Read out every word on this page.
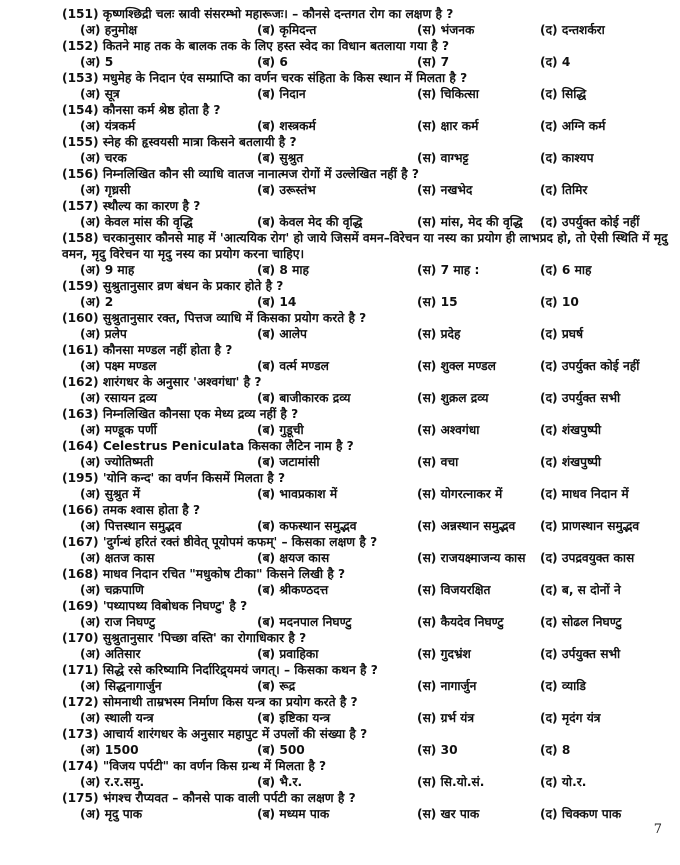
(151) कृष्णश्छिद्री चलः स्रावी संसरम्भो महारूजः। – कौनसे दन्तगत रोग का लक्षण है ?
(अ) हनुमोक्ष	(ब) कृमिदन्त	(स) भंजनक	(द) दन्तशर्करा
(152) कितने माह तक के बालक तक के लिए हस्त स्वेद का विधान बतलाया गया है ?
(अ) 5	(ब) 6	(स) 7	(द) 4
(153) मधुमेह के निदान एंव सम्प्राप्ति का वर्णन चरक संहिता के किस स्थान में मिलता है ?
(अ) सूत्र	(ब) निदान	(स) चिकित्सा	(द) सिद्धि
(154) कौनसा कर्म श्रेष्ठ होता है ?
(अ) यंत्रकर्म	(ब) शस्त्रकर्म	(स) क्षार कर्म	(द) अग्नि कर्म
(155) स्नेह की हृस्वयसी मात्रा किसने बतलायी है ?
(अ) चरक	(ब) सुश्रुत	(स) वाग्भट्ट	(द) काश्यप
(156) निम्नलिखित कौन सी व्याधि वातज नानात्मज रोगों में उल्लेखित नहीं है ?
(अ) गृध्रसी	(ब) उरूस्तंभ	(स) नखभेद	(द) तिमिर
(157) स्थौल्य का कारण है ?
(अ) केवल मांस की वृद्धि	(ब) केवल मेद की वृद्धि	(स) मांस, मेद की वृद्धि (द) उपर्युक्त कोई नहीं
(158) चरकानुसार कौनसे माह में 'आत्ययिक रोग' हो जाये जिसमें वमन–विरेचन या नस्य का प्रयोग ही लाभप्रद हो, तो ऐसी स्थिति में मृदु वमन, मृदु विरेचन या मृदु नस्य का प्रयोग करना चाहिए।
(अ) 9 माह	(ब) 8 माह	(स) 7 माह :	(द) 6 माह
(159) सुश्रुतानुसार व्रण बंधन के प्रकार होते है ?
(अ) 2	(ब) 14	(स) 15	(द) 10
(160) सुश्रुतानुसार रक्त, पित्तज व्याधि में किसका प्रयोग करते है ?
(अ) प्रलेप	(ब) आलेप	(स) प्रदेह	(द) प्रघर्ष
(161) कौनसा मण्डल नहीं होता है ?
(अ) पक्ष्म मण्डल	(ब) वर्त्म मण्डल	(स) शुक्ल मण्डल	(द) उपर्युक्त कोई नहीं
(162) शारंगधर के अनुसार 'अश्वगंधा' है ?
(अ) रसायन द्रव्य	(ब) बाजीकारक द्रव्य	(स) शुक्रल द्रव्य	(द) उपर्युक्त सभी
(163) निम्नलिखित कौनसा एक मेध्य द्रव्य नहीं है ?
(अ) मण्डूक पर्णी	(ब) गुडूची	(स) अश्वगंधा	(द) शंखपुष्पी
(164) Celestrus Peniculata किसका लैटिन नाम है ?
(अ) ज्योतिष्मती	(ब) जटामांसी	(स) वचा	(द) शंखपुष्पी
(195) 'योनि कन्द' का वर्णन किसमें मिलता है ?
(अ) सुश्रुत में	(ब) भावप्रकाश में	(स) योगरत्नाकर में	(द) माधव निदान में
(166) तमक श्वास होता है ?
(अ) पित्तस्थान समुद्भव	(ब) कफस्थान समुद्भव	(स) अन्नस्थान समुद्भव (द) प्राणस्थान समुद्भव
(167) 'दुर्गन्धं हरितं रक्तं ष्ठीवेत् पूयोपमं कफम्' – किसका लक्षण है ?
(अ) क्षतज कास	(ब) क्षयज कास	(स) राजयक्ष्माजन्य कास (द) उपद्रवयुक्त कास
(168) माधव निदान रचित "मधुकोष टीका" किसने लिखी है ?
(अ) चक्रपाणि	(ब) श्रीकण्ठदत्त	(स) विजयरक्षित	(द) ब, स दोनों ने
(169) 'पथ्यापथ्य विबोधक निघण्टु' है ?
(अ) राज निघण्टु	(ब) मदनपाल निघण्टु	(स) कैयदेव निघण्टु	(द) सोढल निघण्टु
(170) सुश्रुतानुसार 'पिच्छा वस्ति' का रोगाधिकार है ?
(अ) अतिसार	(ब) प्रवाहिका	(स) गुदभ्रंश	(द) उर्पयुक्त सभी
(171) सिद्धे रसे करिष्यामि निर्दारिद्र्यमयं जगत्। – किसका कथन है ?
(अ) सिद्धनागार्जुन	(ब) रूद्र	(स) नागार्जुन	(द) व्याडि
(172) सोमनाथी ताम्रभस्म निर्माण किस यन्त्र का प्रयोग करते है ?
(अ) स्थाली यन्त्र	(ब) इष्टिका यन्त्र	(स) ग्रर्भ यंत्र	(द) मृदंग यंत्र
(173) आचार्य शारंगधर के अनुसार महापुट में उपलों की संख्या है ?
(अ) 1500	(ब) 500	(स) 30	(द) 8
(174) "विजय पर्पटी" का वर्णन किस ग्रन्थ में मिलता है ?
(अ) र.र.समु.	(ब) भै.र.	(स) सि.यो.सं.	(द) यो.र.
(175) भंगश्च रौप्यवत – कौनसे पाक वाली पर्पटी का लक्षण है ?
(अ) मृदु पाक	(ब) मध्यम पाक	(स) खर पाक	(द) चिक्कण पाक
7
